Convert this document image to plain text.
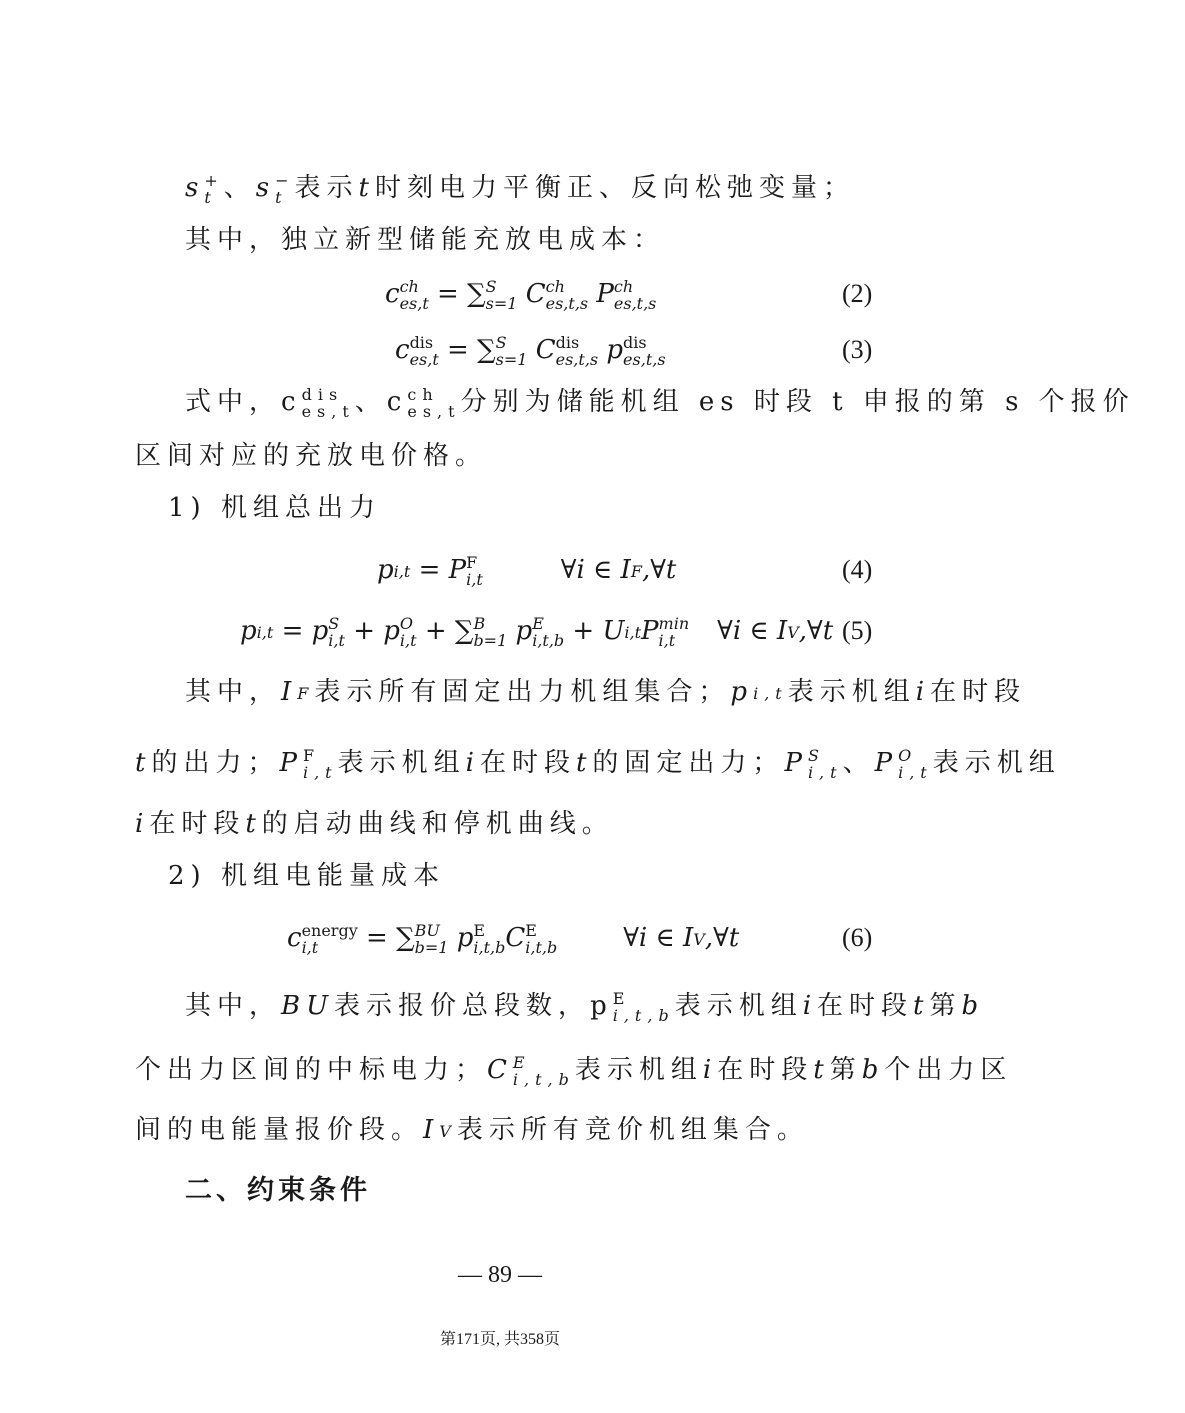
s +
t 、s −
t 表示t时刻电力平衡正、反向松弛变量；
其中，独立新型储能充放电成本：
c ch
es,t = ∑ S
s=1 C ch
es,t,s P ch
es,t,s	(2)
c dis
es,t = ∑ S
s=1 C dis
es,t,s p dis
es,t,s	(3)
式中，c dis
es,t 、c ch
es,t 分别为储能机组 es 时段 t 申报的第 s 个报价
区间对应的充放电价格。
1) 机组总出力
p i,t = P F
i,t	∀i ∈ I F ,∀t	(4)
p i,t = p S
i,t + p O
i,t + ∑ B
b=1 p E
i,t,b + U i,t P min
i,t	∀i ∈ I V ,∀t (5)
其中，I F 表示所有固定出力机组集合；p i,t 表示机组i在时段
t的出力；P F
i,t 表示机组i在时段t的固定出力；P S
i,t 、P O
i,t 表示机组
i在时段t的启动曲线和停机曲线。
2) 机组电能量成本
c energy
i,t	= ∑ BU
b=1 p E
i,t,b C E
i,t,b	∀i ∈ I V ,∀t	(6)
其中，BU表示报价总段数，p E
i,t,b 表示机组i在时段t第b
个出力区间的中标电力；C E
i,t,b 表示机组i在时段t第b个出力区
间的电能量报价段。I V 表示所有竞价机组集合。
二、约束条件
— 89 —
第171页, 共358页
